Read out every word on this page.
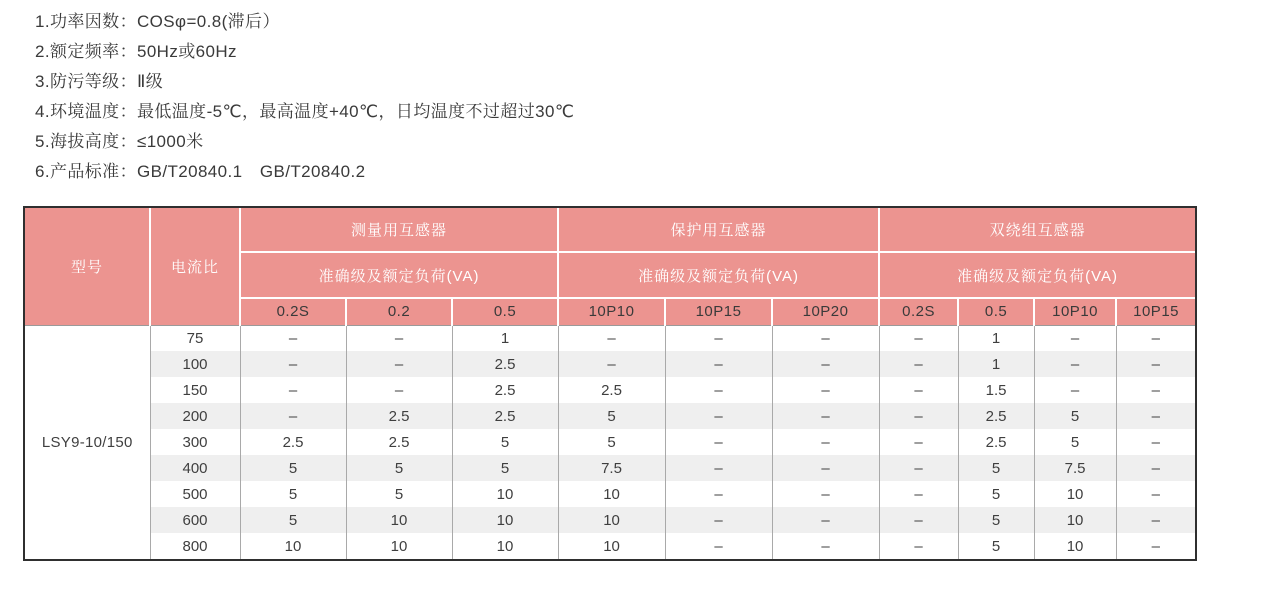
1.功率因数：COSφ=0.8(滞后）
2.额定频率：50Hz或60Hz
3.防污等级：Ⅱ级
4.环境温度：最低温度-5℃，最高温度+40℃，日均温度不过超过30℃
5.海拔高度：≤1000米
6.产品标准：GB/T20840.1　GB/T20840.2
型号	电流比	测量用互感器			保护用互感器			双绕组互感器			
		准确级及额定负荷(VA)			准确级及额定负荷(VA)			准确级及额定负荷(VA)			
		0.2S	0.2	0.5	10P10	10P15	10P20	0.2S	0.5	10P10	10P15
LSY9-10/150	75	–	–	1	–	–	–	–	1	–	–
	100	–	–	2.5	–	–	–	–	1	–	–
	150	–	–	2.5	2.5	–	–	–	1.5	–	–
	200	–	2.5	2.5	5	–	–	–	2.5	5	–
	300	2.5	2.5	5	5	–	–	–	2.5	5	–
	400	5	5	5	7.5	–	–	–	5	7.5	–
	500	5	5	10	10	–	–	–	5	10	–
	600	5	10	10	10	–	–	–	5	10	–
	800	10	10	10	10	–	–	–	5	10	–
